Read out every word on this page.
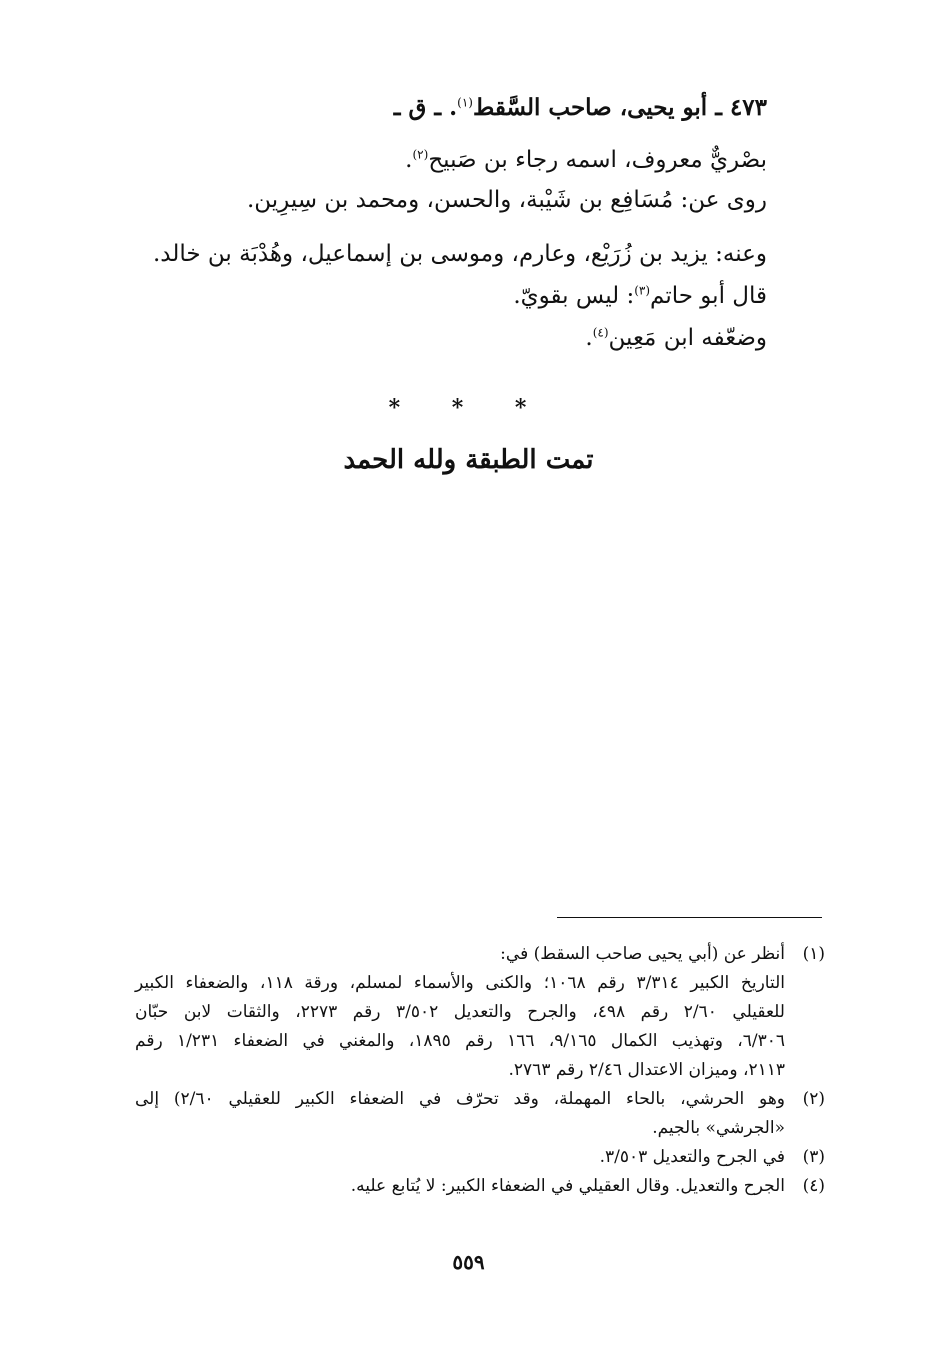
٤٧٣ ـ أبو يحيى، صاحب السَّقط$^{(١)}$. ـ ق ـ

بصْريٌّ معروف، اسمه رجاء بن صَبيح$^{(٢)}$.

روى عن: مُسَافِع بن شَيْبة، والحسن، ومحمد بن سِيرِين.

وعنه: يزيد بن زُرَيْع، وعارم، وموسى بن إسماعيل، وهُدْبَة بن خالد.

قال أبو حاتم$^{(٣)}$: ليس بقويّ.

وضعّفه ابن مَعِين$^{(٤)}$.

* * *
تمت الطبقة ولله الحمد
(١)

أنظر عن (أبي يحيى صاحب السقط) في:

التاريخ الكبير ٣/٣١٤ رقم ١٠٦٨؛ والكنى والأسماء لمسلم، ورقة ١١٨، والضعفاء الكبير

للعقيلي ٢/٦٠ رقم ٤٩٨، والجرح والتعديل ٣/٥٠٢ رقم ٢٢٧٣، والثقات لابن حبّان

٦/٣٠٦، وتهذيب الكمال ٩/١٦٥، ١٦٦ رقم ١٨٩٥، والمغني في الضعفاء ١/٢٣١ رقم

٢١١٣، وميزان الاعتدال ٢/٤٦ رقم ٢٧٦٣.

(٢)

وهو الحرشي، بالحاء المهملة، وقد تحرّف في الضعفاء الكبير للعقيلي ٢/٦٠) إلى

«الجرشي» بالجيم.

(٣)

في الجرح والتعديل ٣/٥٠٣.

(٤)

الجرح والتعديل. وقال العقيلي في الضعفاء الكبير: لا يُتابع عليه.

٥٥٩
